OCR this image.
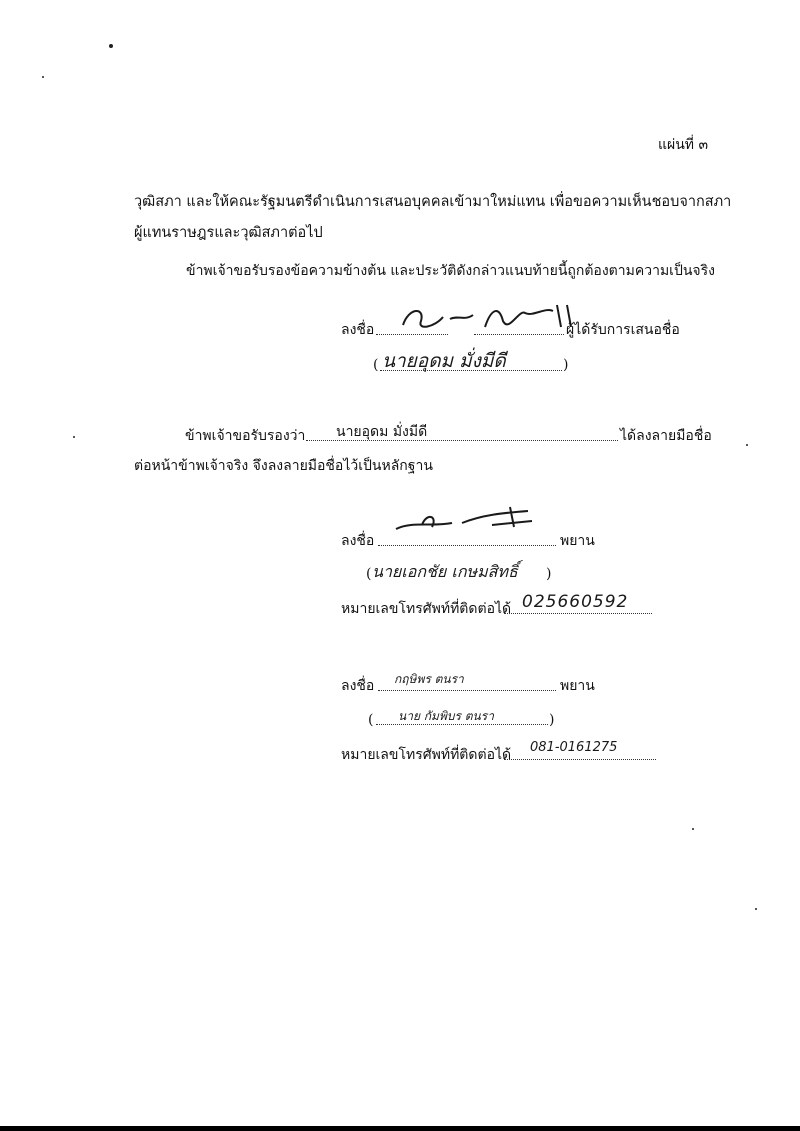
แผ่นที่ ๓
วุฒิสภา และให้คณะรัฐมนตรีดำเนินการเสนอบุคคลเข้ามาใหม่แทน เพื่อขอความเห็นชอบจากสภา
ผู้แทนราษฎรและวุฒิสภาต่อไป
ข้าพเจ้าขอรับรองข้อความข้างต้น และประวัติดังกล่าวแนบท้ายนี้ถูกต้องตามความเป็นจริง
ลงชื่อ	ผู้ได้รับการเสนอชื่อ
( นายอุดม มั่งมีดี	)
ข้าพเจ้าขอรับรองว่า นายอุดม มั่งมีดี	ได้ลงลายมือชื่อ
ต่อหน้าข้าพเจ้าจริง จึงลงลายมือชื่อไว้เป็นหลักฐาน
ลงชื่อ	พยาน
( นายเอกชัย เกษมสิทธิ์ )
หมายเลขโทรศัพท์ที่ติดต่อได้ 025660592
ลงชื่อ กฤษิพร ตนรา	พยาน
( นาย กัมพิบร ตนรา	)
หมายเลขโทรศัพท์ที่ติดต่อได้ 081-0161275
